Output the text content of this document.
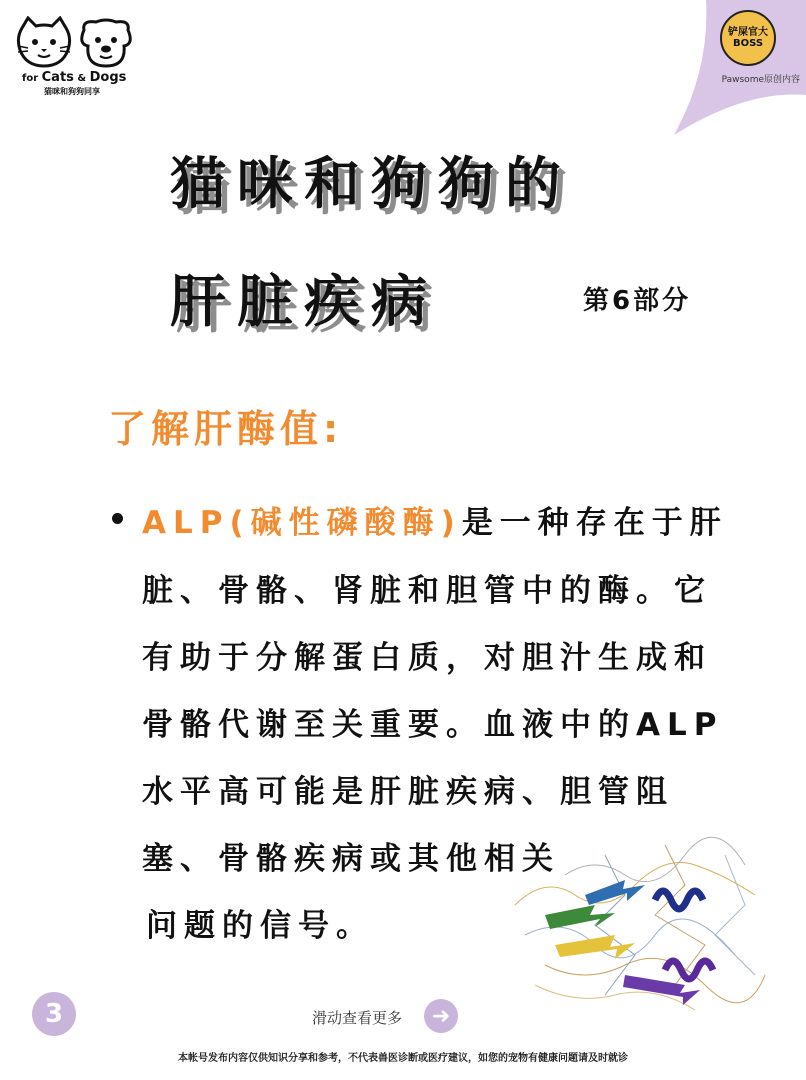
for Cats & Dogs
猫咪和狗狗同享
铲屎官大BOSS
Pawsome原创内容
猫咪和狗狗的
肝脏疾病	第6部分
了解肝酶值:
ALP(碱性磷酸酶)是一种存在于肝
脏、骨骼、肾脏和胆管中的酶。它
有助于分解蛋白质，对胆汁生成和
骨骼代谢至关重要。血液中的ALP
水平高可能是肝脏疾病、胆管阻
塞、骨骼疾病或其他相关
问题的信号。
3	滑动查看更多	➜
本帐号发布内容仅供知识分享和参考，不代表兽医诊断或医疗建议，如您的宠物有健康问题请及时就诊
